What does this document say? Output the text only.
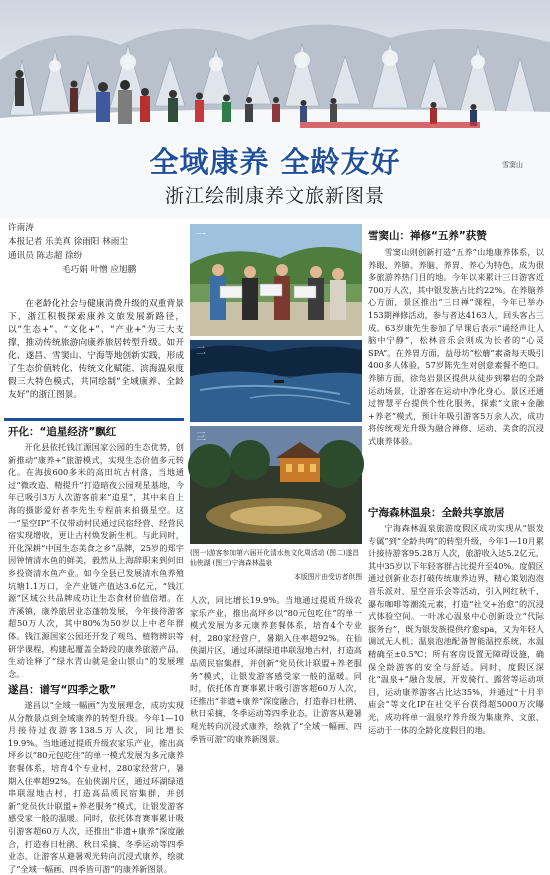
全域康养 全龄友好
浙江绘制康养文旅新图景
雪窦山
许南涛
本报记者 乐美真 徐雨阳 林雨尘
通讯员 陈志超 徐纷
毛巧娟 叶憎 应旭鹏
在老龄化社会与健康消费升级的双重背景下，浙江积极探索康养文旅发展新路径，以“生态+”、“文化+”、“产业+”为三大支撑，推动传统旅游向康养旅居转型升级。如开化、遂昌、雪窦山、宁海等地创新实践，形成了生态价值转化、传统文化赋能、滨海温泉度假三大特色模式，共同绘制“全域康养、全龄友好”的浙江图景。
开化：“追星经济”飘红
开化县依托钱江源国家公园的生态优势，创新推动“康养+”旅游模式，实现生态价值多元转化。在海拔600多米的高田坑古村落，当地通过“微改造、精提升”打造暗夜公园观星基地，今年已吸引3万人次游客前来“追星”，其中来自上海的摄影爱好者李先生专程前来拍摄星空。这一“星空IP”不仅带动村民通过民宿经营、经营民宿实现增收，更让古村焕发新生机。与此同时，开化深耕“中国生态美食之乡”品牌，25岁的郑宇因钟情清水鱼的鲜美，毅然从上海辞职来到何田乡投资清水鱼产业。如今全县已发展清水鱼养殖坑塘1.1万口，全产业链产值达3.6亿元，“钱江源”区域公共品牌成功让生态食材价值倍增。在齐溪镇，康养旅居业态蓬勃发展，今年接待游客超50万人次，其中80%为50岁以上中老年群体。钱江源国家公园还开发了观鸟、植物辨识等研学课程，构建起覆盖全龄段的康养旅游产品，生动诠释了“绿水青山就是金山银山”的发展理念。
遂昌：谱写“四季之歌”
遂昌以“全域一幅画”为发展理念，成功实现从分散景点到全域康养的转型升级。今年1—10月接待过夜游客138.5万人次，同比增长19.9%。当地通过提质升级农家乐产业，推出高坪乡以“80元包吃住”的单一模式发展为多元康养套餐体系，培育4个专业村，280家经营户，暑期入住率超92%。在仙侠湖片区，通过环湖绿道串联湿地古村，打造高品质民宿集群，并创新“党员伙计联盟+养老服务”模式，让银发游客感受家一般的温暖。同时，依托体育赛事累计吸引游客超60万人次，还推出“非遗+康养”深度融合，打造春日杜鹃、秋日采摘、冬季运动等四季业态，让游客从避暑观光转向沉浸式康养，绘就了“全域一幅画、四季皆可游”的康养新图景。
人次，同比增长19.9%。当地通过提质升级农家乐产业，推出高坪乡以“80元包吃住”的单一模式发展为多元康养套餐体系，培育4个专业村，280家经营户，暑期入住率超92%。在仙侠湖片区，通过环湖绿道串联湿地古村，打造高品质民宿集群，并创新“党员伙计联盟+养老服务”模式，让银发游客感受家一般的温暖。同时，依托体育赛事累计吸引游客超60万人次，还推出“非遗+康养”深度融合，打造春日杜鹃、秋日采摘、冬季运动等四季业态，让游客从避暑观光转向沉浸式康养，绘就了“全域一幅画、四季皆可游”的康养新图景。
一
二
三
(图一)游客参加第六届开化清水鱼文化周活动 (图二)遂昌仙侠湖 (图三)宁海森林温泉
本版图片由受访者供图
雪窦山：禅修“五养”获赞
雪窦山则创新打造“五养”山地康养体系，以养眼、养肺、养脑、养胃、养心为特色，成为很多旅游养热门目的地。今年以来累计三日游客近700万人次，其中银发族占比约22%。在养脑养心方面，景区推出“三日禅”课程，今年已举办153期禅修活动，参与者达4163人，回头客占三成。63岁康先生参加了早课后表示“诵经声让人脑中宁静”，松林音乐会则成为长者的“心灵SPA”。在养胃方面，益母坊“松蘑”素斋每天吸引400多人体验，57岁陈先生对创意素餐不绝口。养肺方面，徐凫岩景区提供从徒步到攀岩的全龄运动场景，让游客在运动中净化身心。景区还通过智慧平台提供个性化服务，探索“文旅+金融+养老”模式，预计年吸引游客5万余人次，成功将传统观光升级为融合禅修、运动、美食的沉浸式康养体验。
宁海森林温泉：全龄共享旅居
宁海森林温泉旅游度假区成功实现从“银发专属”到“全龄共鸣”的转型升级，今年1—10月累计接待游客95.28万人次，旅游收入达5.2亿元，其中35岁以下年轻客群占比提升至40%。度假区通过创新业态打破传统康养边界，精心策划泡泡音乐派对、星空音乐会等活动，引入网红秋千、瀑布咖啡等潮流元素，打造“社交+治愈”的沉浸式体验空间。一叶冰心温泉中心创新设立“代际服务台”，既为银发族提供疗愈spa，又为年轻人调试无人机；温泉泡池配备智能温控系统，水温精确至±0.5℃；所有客房设置无障碍设施，确保全龄游客的安全与舒适。同时，度假区深化“温泉+”融合发展，开发骑行、露营等运动项目，运动康养游客占比达35%，并通过“十月半庙会”等文化IP在社交平台获得超5000万次曝光，成功将单一温泉疗养升级为集康养、文旅、运动于一体的全龄化度假目的地。
